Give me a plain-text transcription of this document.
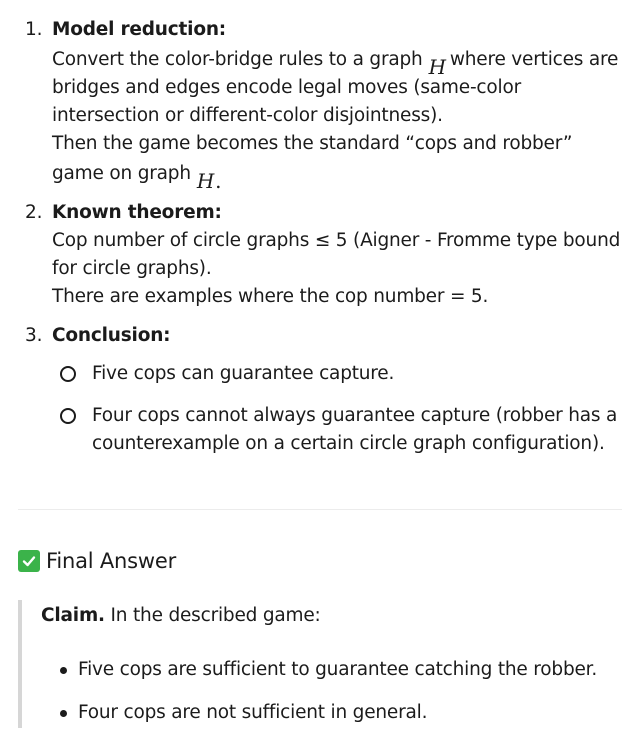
1. Model reduction:
Convert the color-bridge rules to a graph H where vertices are bridges and edges encode legal moves (same-color intersection or different-color disjointness).
Then the game becomes the standard “cops and robber” game on graph H.
2. Known theorem:
Cop number of circle graphs ≤ 5 (Aigner - Fromme type bound for circle graphs).
There are examples where the cop number = 5.
3. Conclusion:
Five cops can guarantee capture.
Four cops cannot always guarantee capture (robber has a counterexample on a certain circle graph configuration).
Final Answer
Claim. In the described game:
Five cops are sufficient to guarantee catching the robber.
Four cops are not sufficient in general.
